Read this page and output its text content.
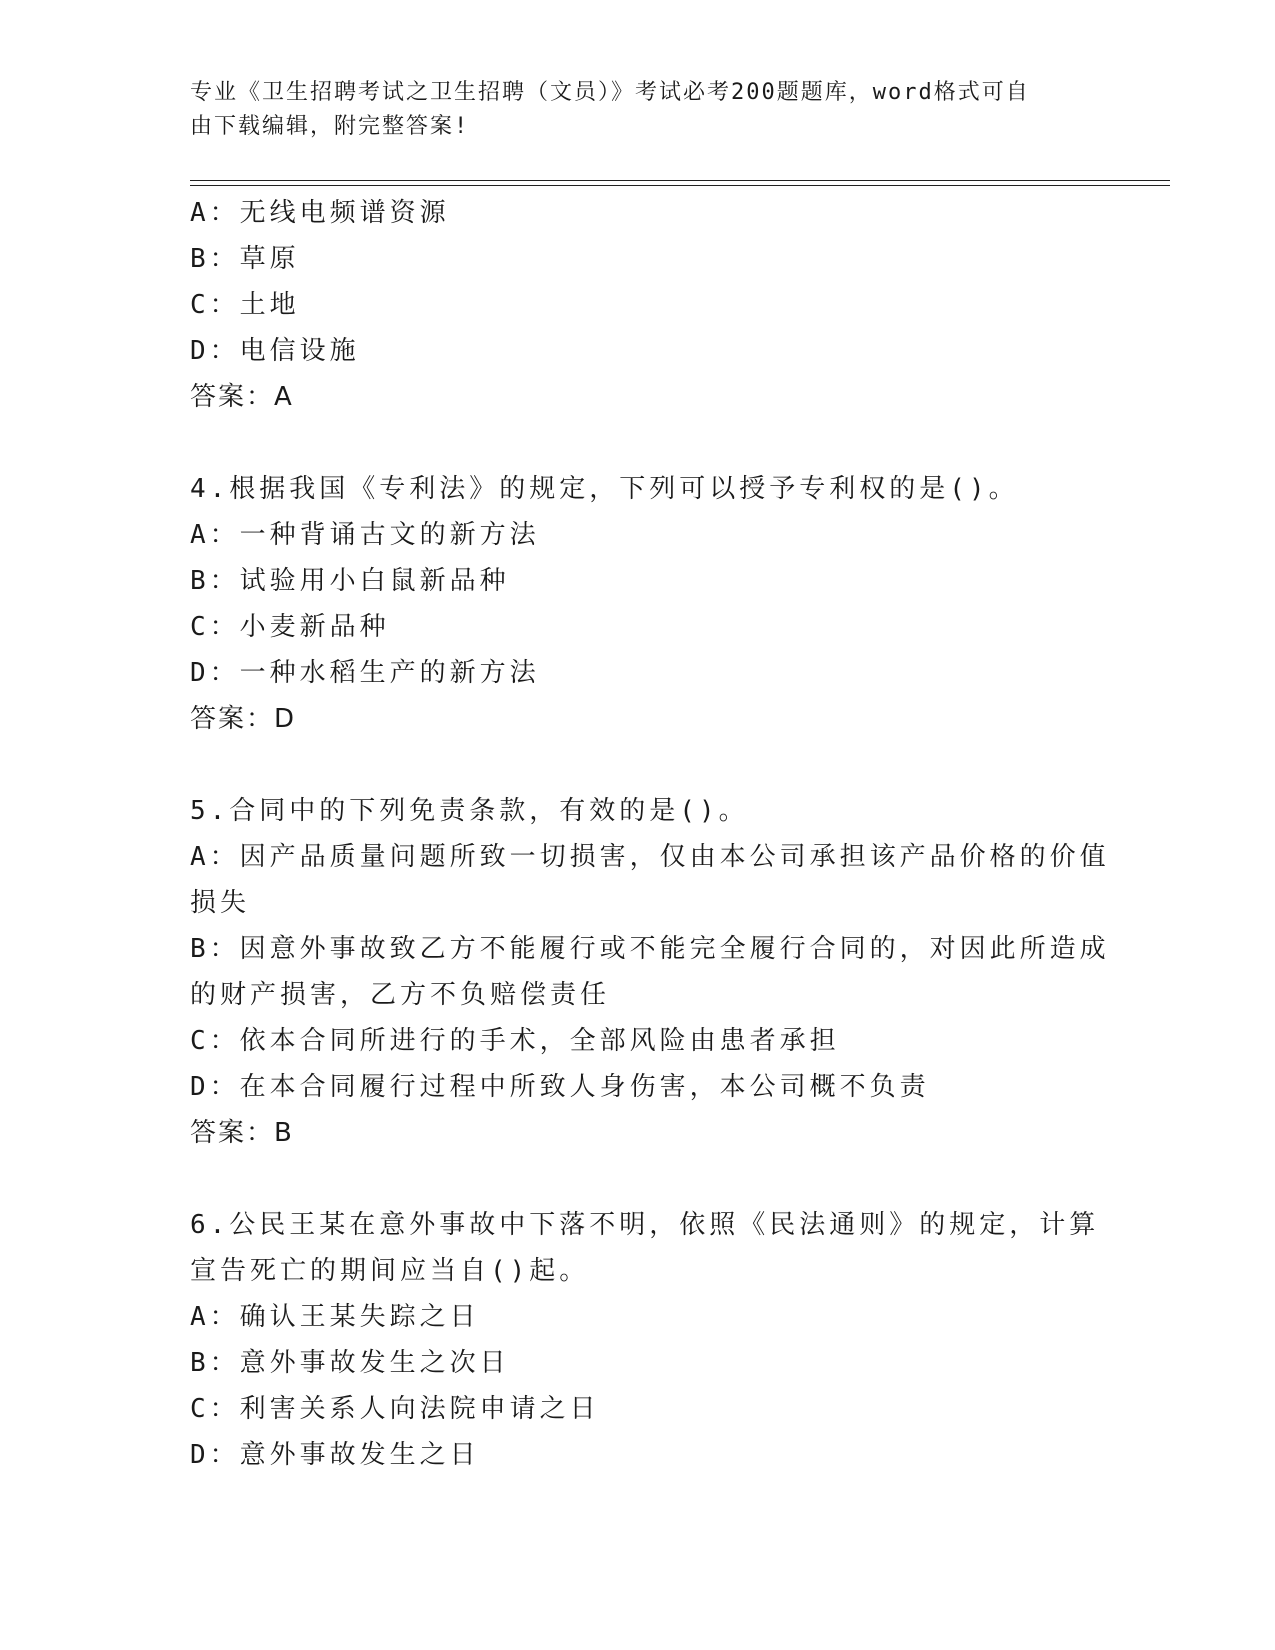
专业《卫生招聘考试之卫生招聘（文员）》考试必考200题题库，word格式可自
由下载编辑，附完整答案!
A：无线电频谱资源
B：草原
C：土地
D：电信设施
答案：A
4.根据我国《专利法》的规定，下列可以授予专利权的是()。
A：一种背诵古文的新方法
B：试验用小白鼠新品种
C：小麦新品种
D：一种水稻生产的新方法
答案：D
5.合同中的下列免责条款，有效的是()。
A：因产品质量问题所致一切损害，仅由本公司承担该产品价格的价值
损失
B：因意外事故致乙方不能履行或不能完全履行合同的，对因此所造成
的财产损害，乙方不负赔偿责任
C：依本合同所进行的手术，全部风险由患者承担
D：在本合同履行过程中所致人身伤害，本公司概不负责
答案：B
6.公民王某在意外事故中下落不明，依照《民法通则》的规定，计算
宣告死亡的期间应当自()起。
A：确认王某失踪之日
B：意外事故发生之次日
C：利害关系人向法院申请之日
D：意外事故发生之日
